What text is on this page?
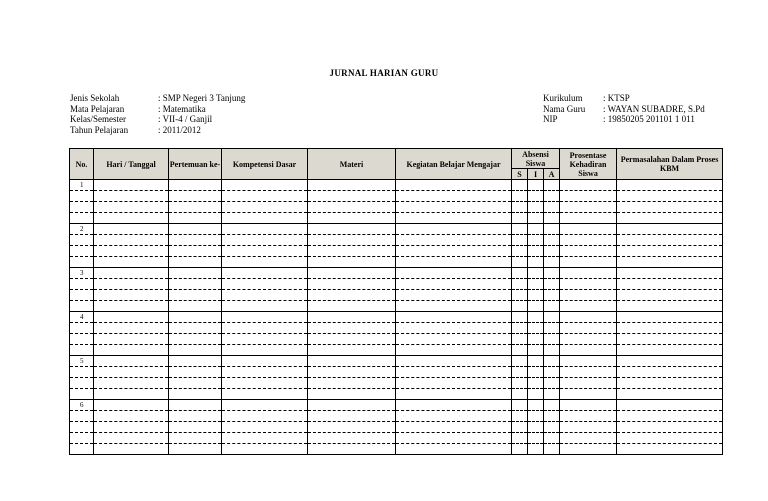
JURNAL HARIAN GURU
Jenis Sekolah	: SMP Negeri 3 Tanjung
Mata Pelajaran	: Matematika
Kelas/Semester	: VII-4 / Ganjil
Tahun Pelajaran	: 2011/2012
Kurikulum	: KTSP
Nama Guru	: WAYAN SUBADRE, S.Pd
NIP	: 19850205 201101 1 011
No.	Hari / Tanggal	Pertemuan ke-	Kompetensi Dasar	Materi	Kegiatan Belajar Mengajar	Absensi Siswa			Prosentase Kehadiran Siswa	Permasalahan Dalam Proses KBM
						S	I	A		
1										

2										

3										

4										

5										

6										
